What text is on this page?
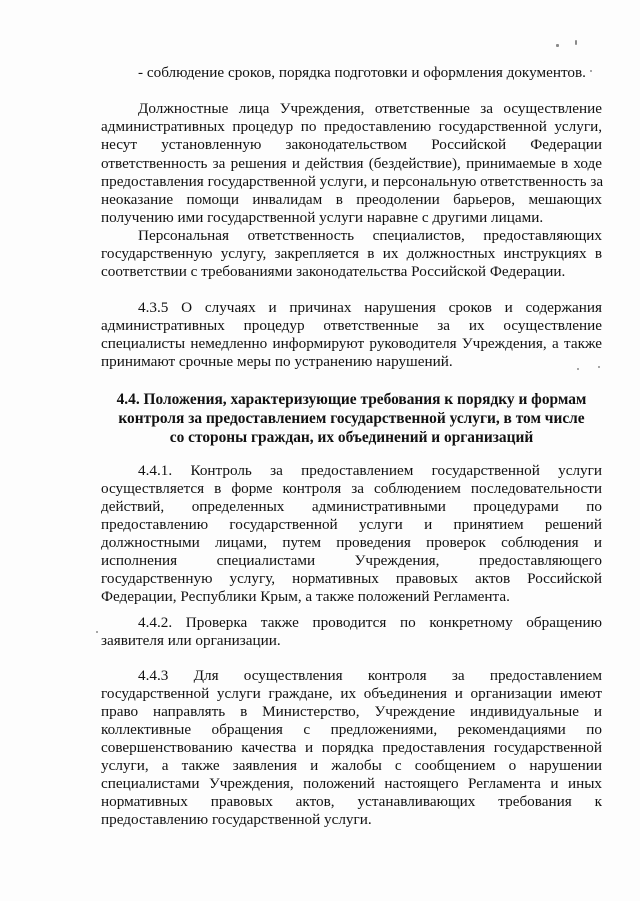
- соблюдение сроков, порядка подготовки и оформления документов.

Должностные лица Учреждения, ответственные за осуществление

административных процедур по предоставлению государственной услуги,

несут установленную законодательством Российской Федерации

ответственность за решения и действия (бездействие), принимаемые в ходе

предоставления государственной услуги, и персональную ответственность за

неоказание помощи инвалидам в преодолении барьеров, мешающих

получению ими государственной услуги наравне с другими лицами.

Персональная ответственность специалистов, предоставляющих

государственную услугу, закрепляется в их должностных инструкциях в

соответствии с требованиями законодательства Российской Федерации.

4.3.5 О случаях и причинах нарушения сроков и содержания

административных процедур ответственные за их осуществление

специалисты немедленно информируют руководителя Учреждения, а также

принимают срочные меры по устранению нарушений.

4.4. Положения, характеризующие требования к порядку и формам

контроля за предоставлением государственной услуги, в том числе

со стороны граждан, их объединений и организаций

4.4.1. Контроль за предоставлением государственной услуги

осуществляется в форме контроля за соблюдением последовательности

действий, определенных административными процедурами по

предоставлению государственной услуги и принятием решений

должностными лицами, путем проведения проверок соблюдения и

исполнения специалистами Учреждения, предоставляющего

государственную услугу, нормативных правовых актов Российской

Федерации, Республики Крым, а также положений Регламента.

4.4.2. Проверка также проводится по конкретному обращению

заявителя или организации.

4.4.3 Для осуществления контроля за предоставлением

государственной услуги граждане, их объединения и организации имеют

право направлять в Министерство, Учреждение индивидуальные и

коллективные обращения с предложениями, рекомендациями по

совершенствованию качества и порядка предоставления государственной

услуги, а также заявления и жалобы с сообщением о нарушении

специалистами Учреждения, положений настоящего Регламента и иных

нормативных правовых актов, устанавливающих требования к

предоставлению государственной услуги.
